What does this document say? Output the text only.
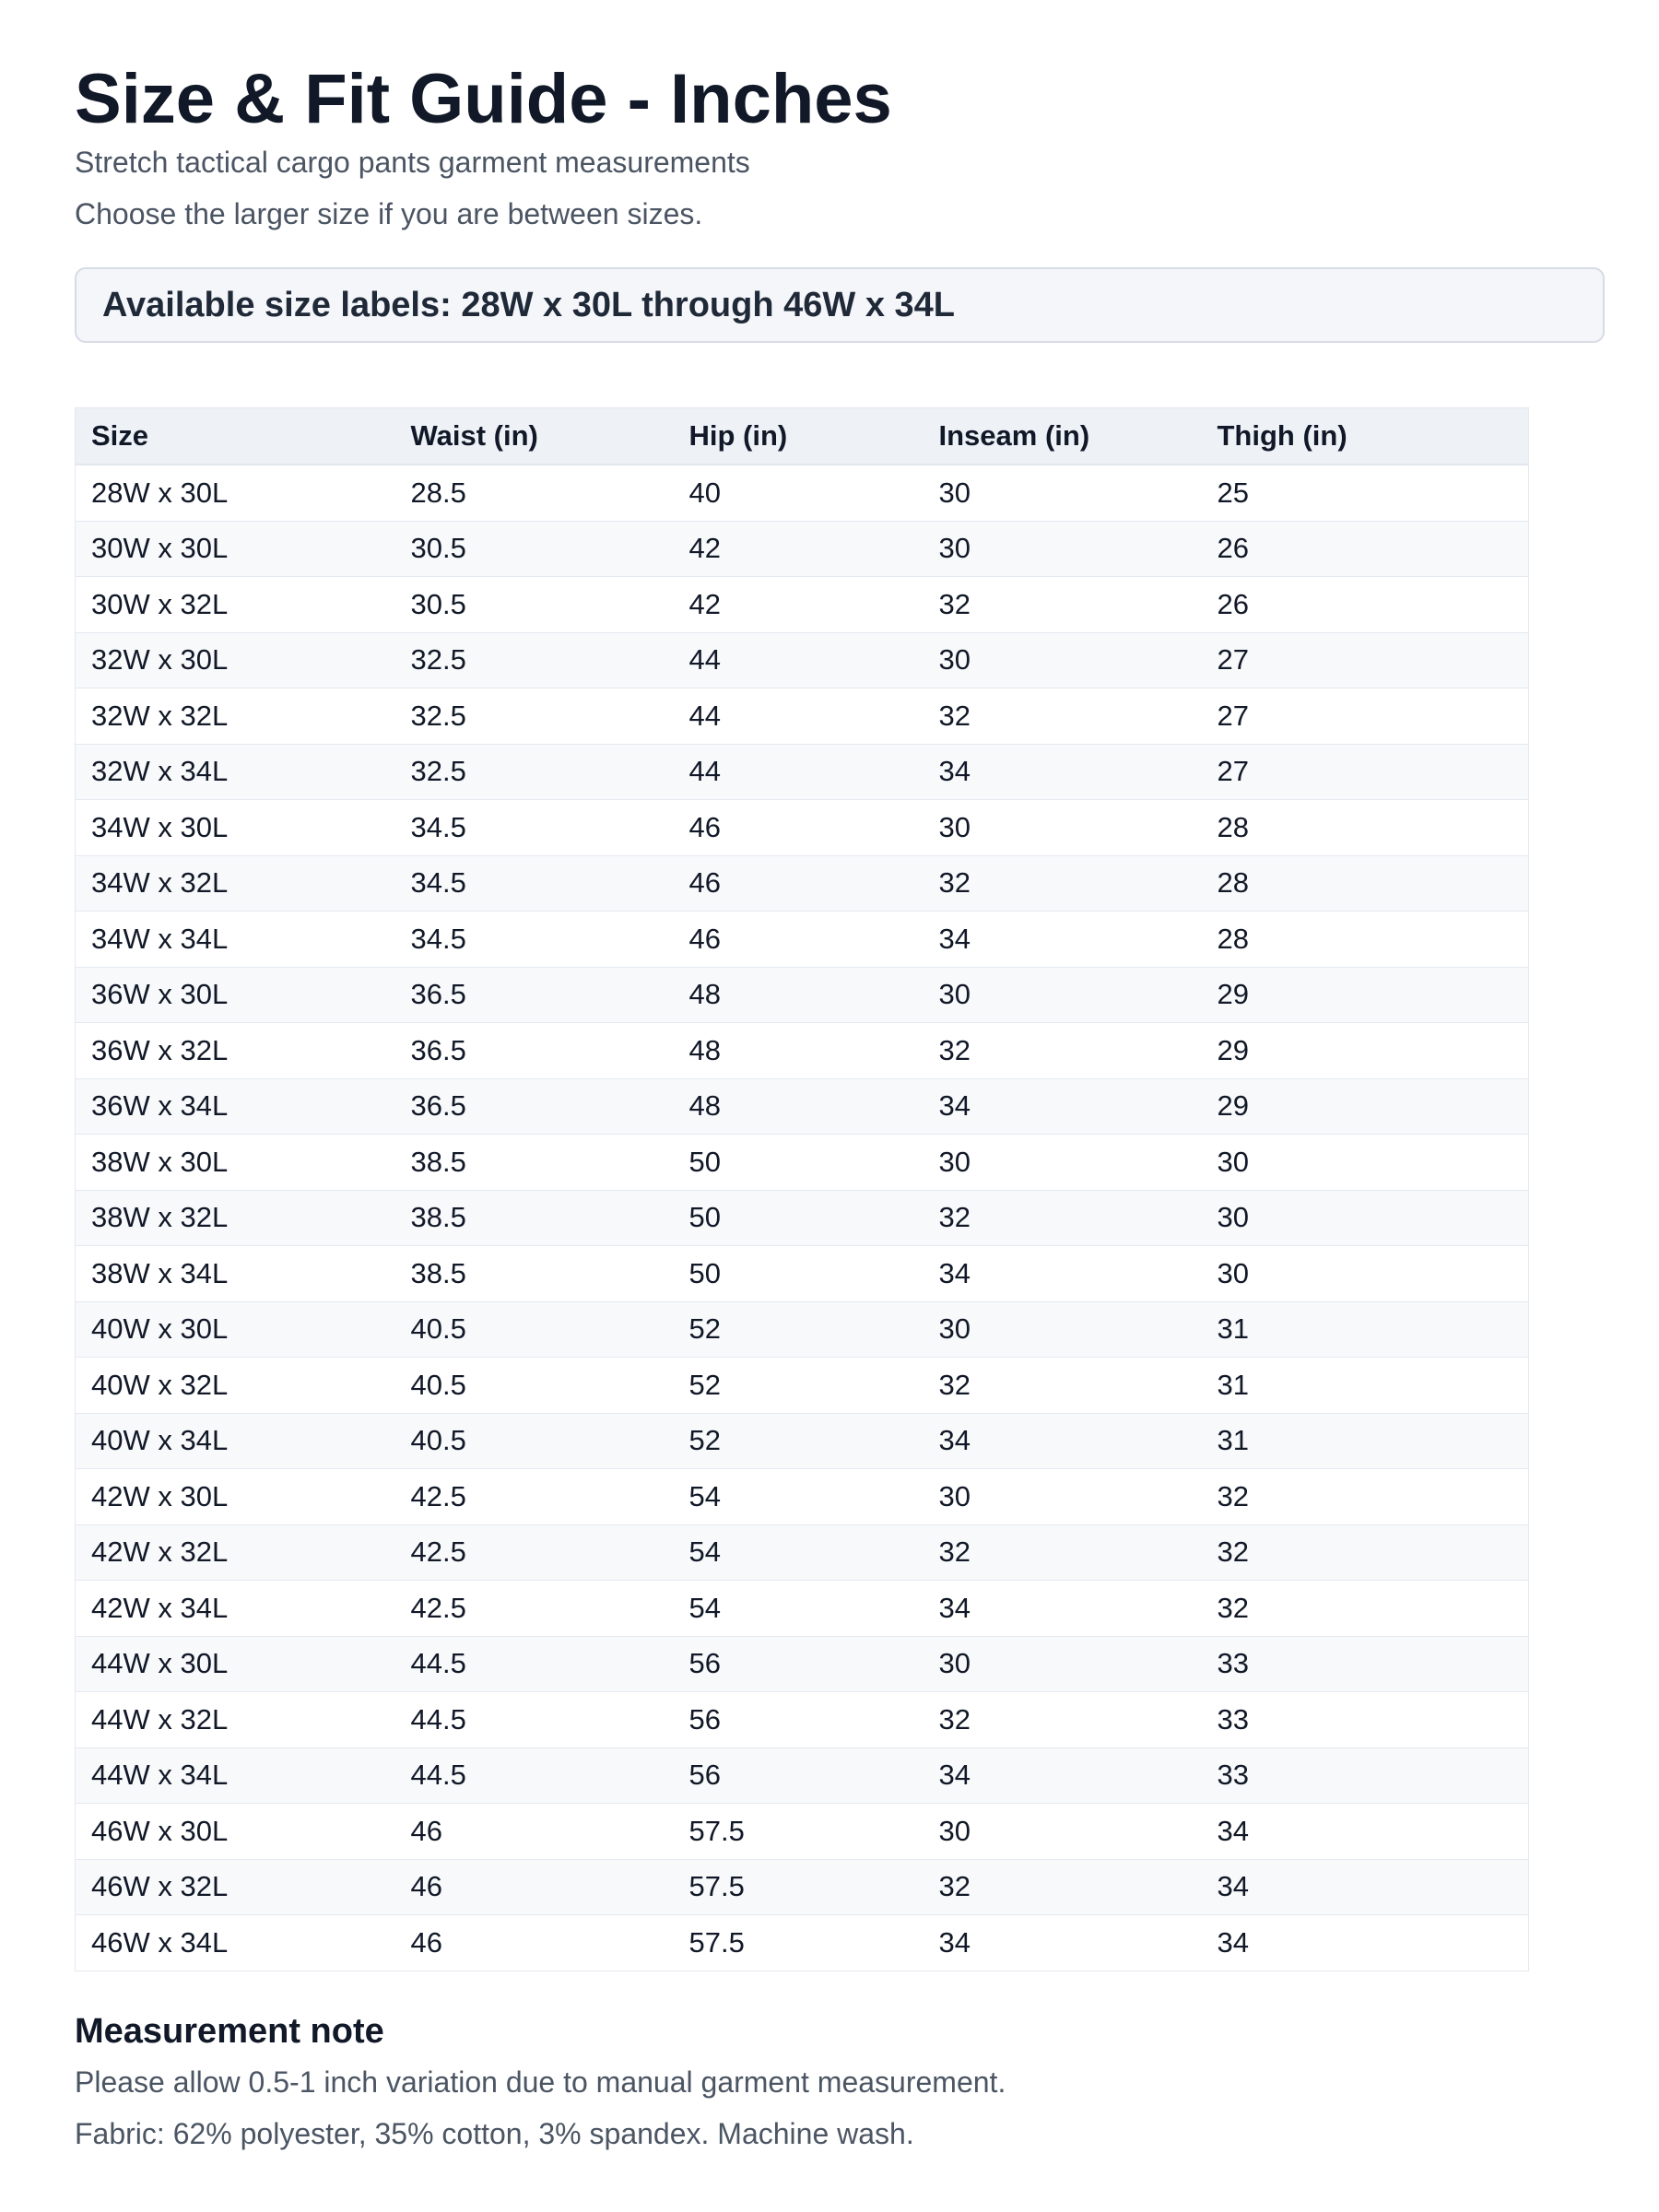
Size & Fit Guide - Inches

Stretch tactical cargo pants garment measurements

Choose the larger size if you are between sizes.

Available size labels: 28W x 30L through 46W x 34L
Size	Waist (in)	Hip (in)	Inseam (in)	Thigh (in)
28W x 30L	28.5	40	30	25
30W x 30L	30.5	42	30	26
30W x 32L	30.5	42	32	26
32W x 30L	32.5	44	30	27
32W x 32L	32.5	44	32	27
32W x 34L	32.5	44	34	27
34W x 30L	34.5	46	30	28
34W x 32L	34.5	46	32	28
34W x 34L	34.5	46	34	28
36W x 30L	36.5	48	30	29
36W x 32L	36.5	48	32	29
36W x 34L	36.5	48	34	29
38W x 30L	38.5	50	30	30
38W x 32L	38.5	50	32	30
38W x 34L	38.5	50	34	30
40W x 30L	40.5	52	30	31
40W x 32L	40.5	52	32	31
40W x 34L	40.5	52	34	31
42W x 30L	42.5	54	30	32
42W x 32L	42.5	54	32	32
42W x 34L	42.5	54	34	32
44W x 30L	44.5	56	30	33
44W x 32L	44.5	56	32	33
44W x 34L	44.5	56	34	33
46W x 30L	46	57.5	30	34
46W x 32L	46	57.5	32	34
46W x 34L	46	57.5	34	34
Measurement note

Please allow 0.5-1 inch variation due to manual garment measurement.

Fabric: 62% polyester, 35% cotton, 3% spandex. Machine wash.
